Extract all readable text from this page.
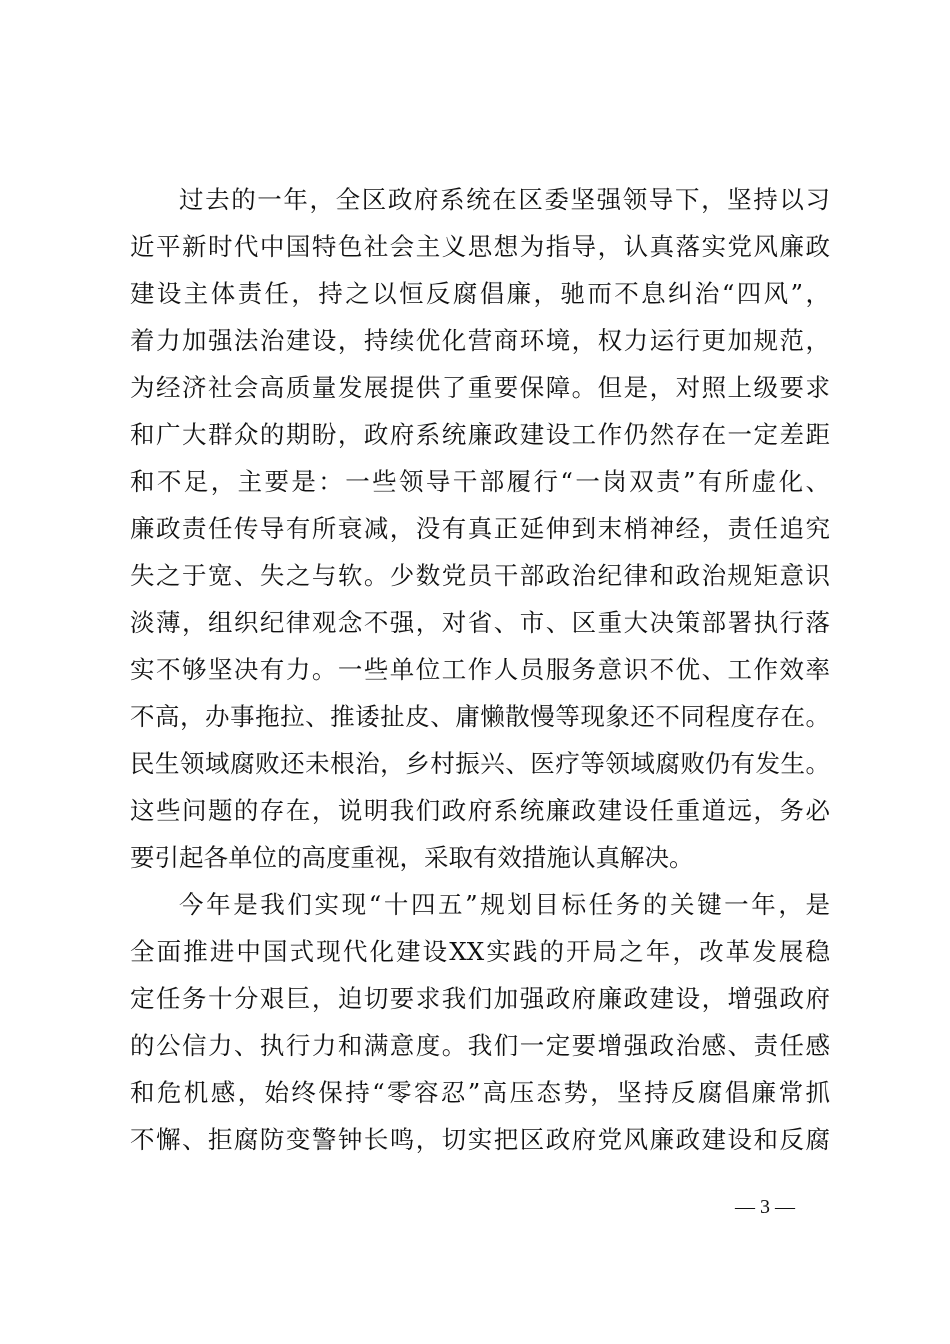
过去的一年，全区政府系统在区委坚强领导下，坚持以习
近平新时代中国特色社会主义思想为指导，认真落实党风廉政
建设主体责任，持之以恒反腐倡廉，驰而不息纠治“四风”，
着力加强法治建设，持续优化营商环境，权力运行更加规范，
为经济社会高质量发展提供了重要保障。但是，对照上级要求
和广大群众的期盼，政府系统廉政建设工作仍然存在一定差距
和不足，主要是：一些领导干部履行“一岗双责”有所虚化、
廉政责任传导有所衰减，没有真正延伸到末梢神经，责任追究
失之于宽、失之与软。少数党员干部政治纪律和政治规矩意识
淡薄，组织纪律观念不强，对省、市、区重大决策部署执行落
实不够坚决有力。一些单位工作人员服务意识不优、工作效率
不高，办事拖拉、推诿扯皮、庸懒散慢等现象还不同程度存在。
民生领域腐败还未根治，乡村振兴、医疗等领域腐败仍有发生。
这些问题的存在，说明我们政府系统廉政建设任重道远，务必
要引起各单位的高度重视，采取有效措施认真解决。
今年是我们实现“十四五”规划目标任务的关键一年，是
全面推进中国式现代化建设XX实践的开局之年，改革发展稳
定任务十分艰巨，迫切要求我们加强政府廉政建设，增强政府
的公信力、执行力和满意度。我们一定要增强政治感、责任感
和危机感，始终保持“零容忍”高压态势，坚持反腐倡廉常抓
不懈、拒腐防变警钟长鸣，切实把区政府党风廉政建设和反腐
— 3 —
